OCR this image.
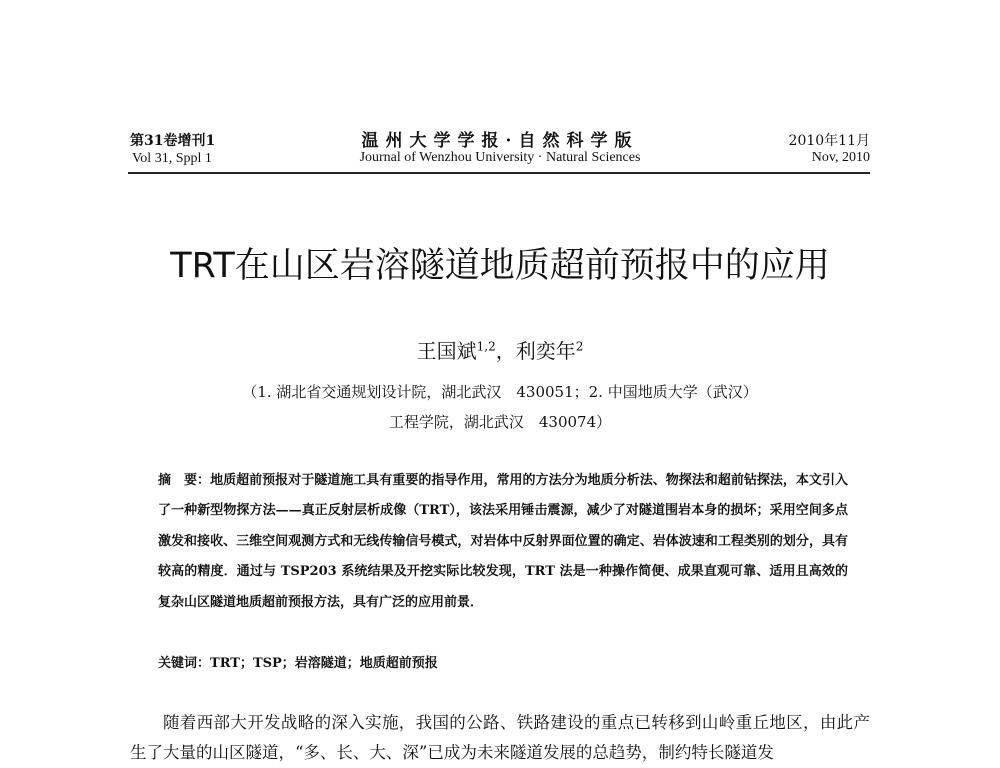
第31卷增刊1
Vol 31, Sppl 1
温州大学学报·自然科学版
Journal of Wenzhou University · Natural Sciences
2010年11月
Nov, 2010
TRT在山区岩溶隧道地质超前预报中的应用
王国斌$^{1,2}$，利奕年$^2$
（1. 湖北省交通规划设计院，湖北武汉　430051；2. 中国地质大学（武汉）
工程学院，湖北武汉　430074）
摘　要：地质超前预报对于隧道施工具有重要的指导作用，常用的方法分为地质分析法、物探法和超前钻探法，本文引入了一种新型物探方法——真正反射层析成像（TRT），该法采用锤击震源，减少了对隧道围岩本身的损坏；采用空间多点激发和接收、三维空间观测方式和无线传输信号模式，对岩体中反射界面位置的确定、岩体波速和工程类别的划分，具有较高的精度．通过与 TSP203 系统结果及开挖实际比较发现，TRT 法是一种操作简便、成果直观可靠、适用且高效的复杂山区隧道地质超前预报方法，具有广泛的应用前景．
关键词：TRT；TSP；岩溶隧道；地质超前预报
随着西部大开发战略的深入实施，我国的公路、铁路建设的重点已转移到山岭重丘地区，由此产生了大量的山区隧道，“多、长、大、深”已成为未来隧道发展的总趋势，制约特长隧道发
